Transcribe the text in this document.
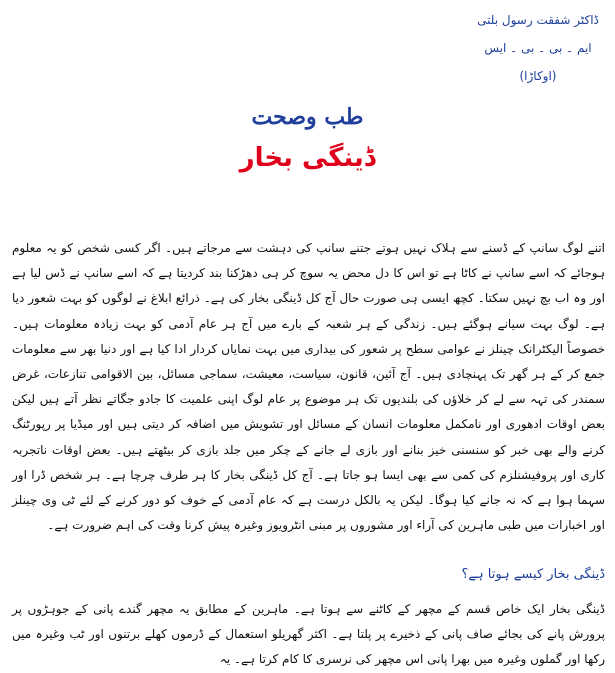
ڈاکٹر شفقت رسول بلتی
ایم ۔ بی ۔ بی ۔ ایس
(اوکاڑا)
طب وصحت
ڈینگی بخار

اتنے لوگ سانپ کے ڈسنے سے ہلاک نہیں ہوتے جتنے سانپ کی دہشت سے مرجاتے ہیں۔ اگر کسی شخص کو یہ معلوم ہوجائے کہ اسے سانپ نے کاٹا ہے تو اس کا دل محض یہ سوچ کر ہی دھڑکنا بند کردیتا ہے کہ اسے سانپ نے ڈس لیا ہے اور وہ اب بچ نہیں سکتا۔ کچھ ایسی ہی صورت حال آج کل ڈینگی بخار کی ہے۔ ذرائع ابلاغ نے لوگوں کو بہت شعور دیا ہے۔ لوگ بہت سیانے ہوگئے ہیں۔ زندگی کے ہر شعبہ کے بارے میں آج ہر عام آدمی کو بہت زیادہ معلومات ہیں۔ خصوصاً الیکٹرانک چینلز نے عوامی سطح پر شعور کی بیداری میں بہت نمایاں کردار ادا کیا ہے اور دنیا بھر سے معلومات جمع کر کے ہر گھر تک پہنچادی ہیں۔ آج آئین، قانون، سیاست، معیشت، سماجی مسائل، بین الاقوامی تنازعات، غرض سمندر کی تہہ سے لے کر خلاؤں کی بلندیوں تک ہر موضوع پر عام لوگ اپنی علمیت کا جادو جگاتے نظر آتے ہیں لیکن بعض اوقات ادھوری اور نامکمل معلومات انسان کے مسائل اور تشویش میں اضافہ کر دیتی ہیں اور میڈیا پر رپورٹنگ کرنے والے بھی خبر کو سنسنی خیز بنانے اور بازی لے جانے کے چکر میں جلد بازی کر بیٹھتے ہیں۔ بعض اوقات ناتجربہ کاری اور پروفیشنلزم کی کمی سے بھی ایسا ہو جاتا ہے۔ آج کل ڈینگی بخار کا ہر طرف چرچا ہے۔ ہر شخص ڈرا اور سہما ہوا ہے کہ نہ جانے کیا ہوگا۔ لیکن یہ بالکل درست ہے کہ عام آدمی کے خوف کو دور کرنے کے لئے ٹی وی چینلز اور اخبارات میں طبی ماہرین کی آراء اور مشوروں پر مبنی انٹرویوز وغیرہ پیش کرنا وقت کی اہم ضرورت ہے۔

ڈینگی بخار کیسے ہوتا ہے؟

ڈینگی بخار ایک خاص قسم کے مچھر کے کاٹنے سے ہوتا ہے۔ ماہرین کے مطابق یہ مچھر گندے پانی کے جوہڑوں پر پرورش پانے کی بجائے صاف پانی کے ذخیرے پر پلتا ہے۔ اکثر گھریلو استعمال کے ڈرموں کھلے برتنوں اور ٹب وغیرہ میں رکھا اور گملوں وغیرہ میں بھرا پانی اس مچھر کی نرسری کا کام کرتا ہے۔ یہ
